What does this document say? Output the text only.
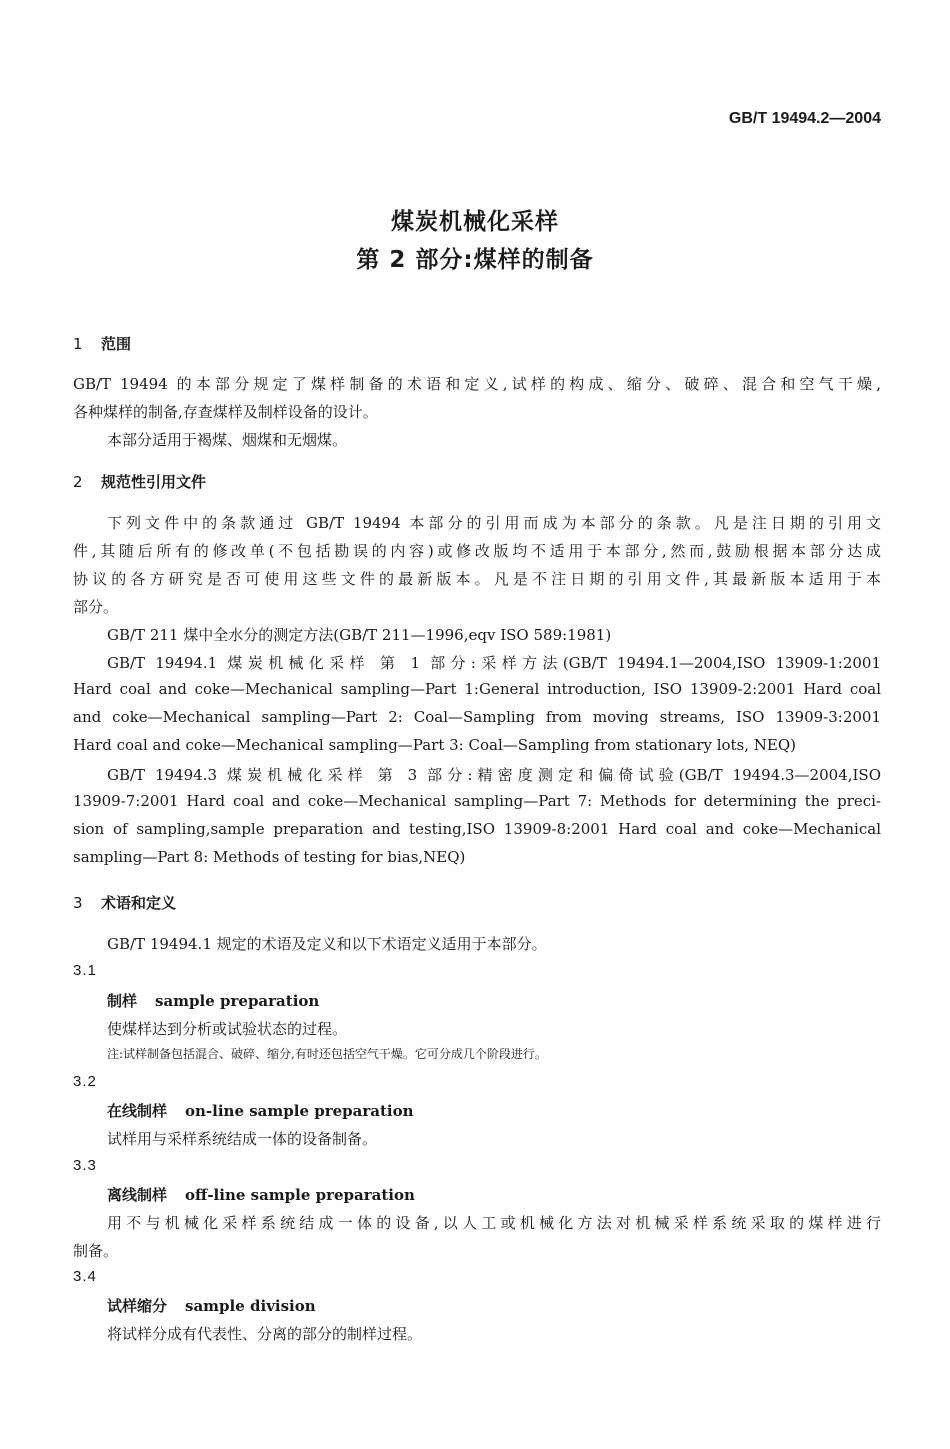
GB/T 19494.2—2004
煤炭机械化采样
第 2 部分:煤样的制备
1 范围
GB/T 19494 的本部分规定了煤样制备的术语和定义,试样的构成、缩分、破碎、混合和空气干燥,
各种煤样的制备,存查煤样及制样设备的设计。
本部分适用于褐煤、烟煤和无烟煤。
2 规范性引用文件
下列文件中的条款通过 GB/T 19494 本部分的引用而成为本部分的条款。凡是注日期的引用文
件,其随后所有的修改单(不包括勘误的内容)或修改版均不适用于本部分,然而,鼓励根据本部分达成
协议的各方研究是否可使用这些文件的最新版本。凡是不注日期的引用文件,其最新版本适用于本
部分。
GB/T 211 煤中全水分的测定方法(GB/T 211—1996,eqv ISO 589:1981)
GB/T 19494.1 煤炭机械化采样 第 1 部分:采样方法(GB/T 19494.1—2004,ISO 13909-1:2001
Hard coal and coke—Mechanical sampling—Part 1:General introduction, ISO 13909-2:2001 Hard coal
and coke—Mechanical sampling—Part 2: Coal—Sampling from moving streams, ISO 13909-3:2001
Hard coal and coke—Mechanical sampling—Part 3: Coal—Sampling from stationary lots, NEQ)
GB/T 19494.3 煤炭机械化采样 第 3 部分:精密度测定和偏倚试验(GB/T 19494.3—2004,ISO
13909-7:2001 Hard coal and coke—Mechanical sampling—Part 7: Methods for determining the preci-
sion of sampling,sample preparation and testing,ISO 13909-8:2001 Hard coal and coke—Mechanical
sampling—Part 8: Methods of testing for bias,NEQ)
3 术语和定义
GB/T 19494.1 规定的术语及定义和以下术语定义适用于本部分。
3.1
制样 sample preparation
使煤样达到分析或试验状态的过程。
注:试样制备包括混合、破碎、缩分,有时还包括空气干燥。它可分成几个阶段进行。
3.2
在线制样 on-line sample preparation
试样用与采样系统结成一体的设备制备。
3.3
离线制样 off-line sample preparation
用不与机械化采样系统结成一体的设备,以人工或机械化方法对机械采样系统采取的煤样进行
制备。
3.4
试样缩分 sample division
将试样分成有代表性、分离的部分的制样过程。
